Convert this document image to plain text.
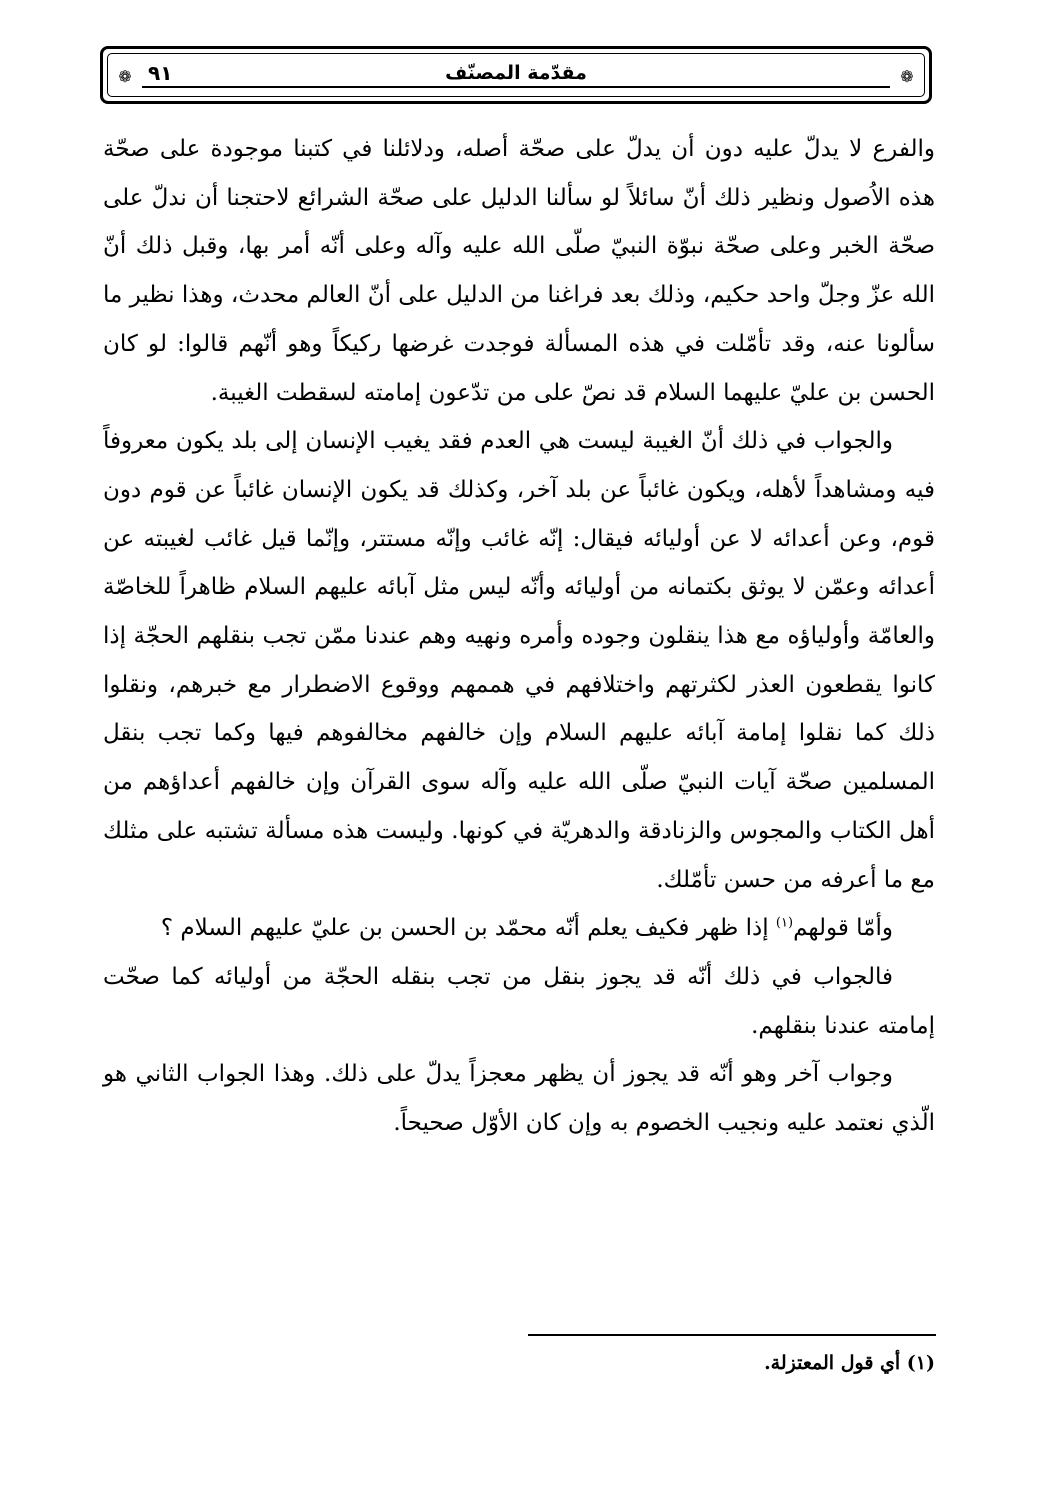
❁ ٩١	مقدّمة المصنّف	❁

والفرع لا يدلّ عليه دون أن يدلّ على صحّة أصله، ودلائلنا في كتبنا موجودة على صحّة هذه الاُصول ونظير ذلك أنّ سائلاً لو سألنا الدليل على صحّة الشرائع لاحتجنا أن ندلّ على صحّة الخبر وعلى صحّة نبوّة النبيّ صلّى الله عليه وآله وعلى أنّه أمر بها، وقبل ذلك أنّ الله عزّ وجلّ واحد حكيم، وذلك بعد فراغنا من الدليل على أنّ العالم محدث، وهذا نظير ما سألونا عنه، وقد تأمّلت في هذه المسألة فوجدت غرضها ركيكاً وهو أنّهم قالوا: لو كان الحسن بن عليّ عليهما السلام قد نصّ على من تدّعون إمامته لسقطت الغيبة.

والجواب في ذلك أنّ الغيبة ليست هي العدم فقد يغيب الإنسان إلى بلد يكون معروفاً فيه ومشاهداً لأهله، ويكون غائباً عن بلد آخر، وكذلك قد يكون الإنسان غائباً عن قوم دون قوم، وعن أعدائه لا عن أوليائه فيقال: إنّه غائب وإنّه مستتر، وإنّما قيل غائب لغيبته عن أعدائه وعمّن لا يوثق بكتمانه من أوليائه وأنّه ليس مثل آبائه عليهم السلام ظاهراً للخاصّة والعامّة وأولياؤه مع هذا ينقلون وجوده وأمره ونهيه وهم عندنا ممّن تجب بنقلهم الحجّة إذا كانوا يقطعون العذر لكثرتهم واختلافهم في هممهم ووقوع الاضطرار مع خبرهم، ونقلوا ذلك كما نقلوا إمامة آبائه عليهم السلام وإن خالفهم مخالفوهم فيها وكما تجب بنقل المسلمين صحّة آيات النبيّ صلّى الله عليه وآله سوى القرآن وإن خالفهم أعداؤهم من أهل الكتاب والمجوس والزنادقة والدهريّة في كونها. وليست هذه مسألة تشتبه على مثلك مع ما أعرفه من حسن تأمّلك.

وأمّا قولهم$^{(١)}$ إذا ظهر فكيف يعلم أنّه محمّد بن الحسن بن عليّ عليهم السلام ؟

فالجواب في ذلك أنّه قد يجوز بنقل من تجب بنقله الحجّة من أوليائه كما صحّت إمامته عندنا بنقلهم.

وجواب آخر وهو أنّه قد يجوز أن يظهر معجزاً يدلّ على ذلك. وهذا الجواب الثاني هو الّذي نعتمد عليه ونجيب الخصوم به وإن كان الأوّل صحيحاً.

(١) أي قول المعتزلة.
